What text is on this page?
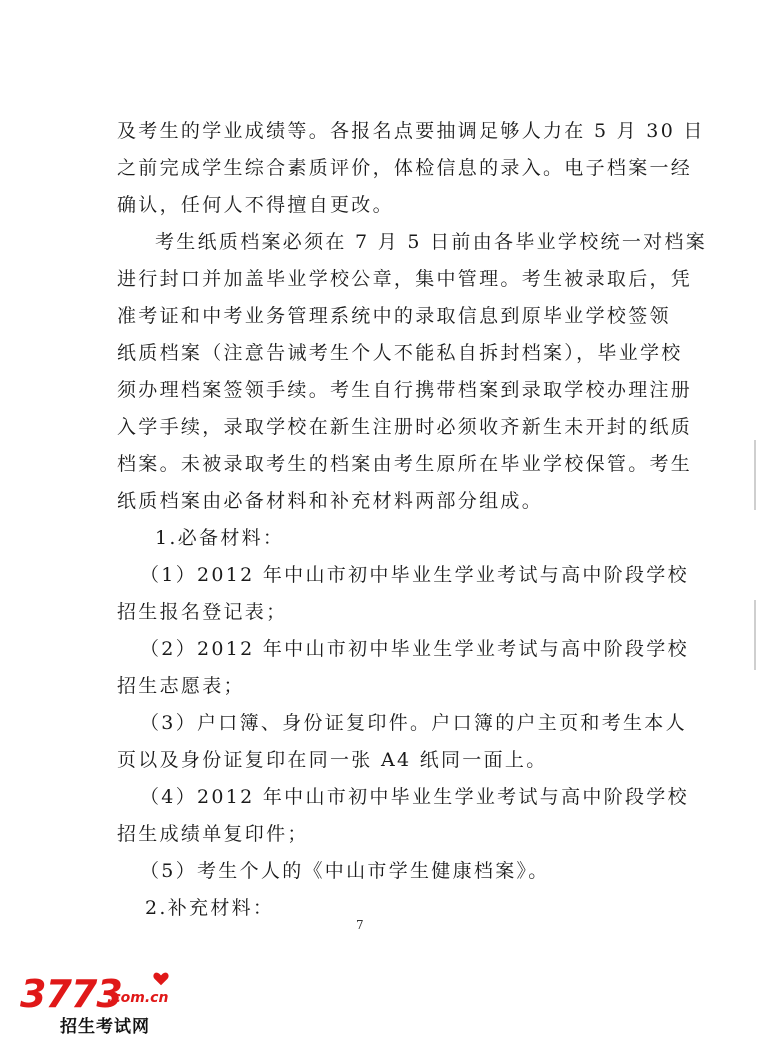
及考生的学业成绩等。各报名点要抽调足够人力在 5 月 30 日
之前完成学生综合素质评价，体检信息的录入。电子档案一经
确认，任何人不得擅自更改。
考生纸质档案必须在 7 月 5 日前由各毕业学校统一对档案
进行封口并加盖毕业学校公章，集中管理。考生被录取后，凭
准考证和中考业务管理系统中的录取信息到原毕业学校签领
纸质档案（注意告诫考生个人不能私自拆封档案），毕业学校
须办理档案签领手续。考生自行携带档案到录取学校办理注册
入学手续，录取学校在新生注册时必须收齐新生未开封的纸质
档案。未被录取考生的档案由考生原所在毕业学校保管。考生
纸质档案由必备材料和补充材料两部分组成。
1.必备材料：
（1）2012 年中山市初中毕业生学业考试与高中阶段学校
招生报名登记表；
（2）2012 年中山市初中毕业生学业考试与高中阶段学校
招生志愿表；
（3）户口簿、身份证复印件。户口簿的户主页和考生本人
页以及身份证复印在同一张 A4 纸同一面上。
（4）2012 年中山市初中毕业生学业考试与高中阶段学校
招生成绩单复印件；
（5）考生个人的《中山市学生健康档案》。
2.补充材料：
7
3773
.com.cn
招生考试网
